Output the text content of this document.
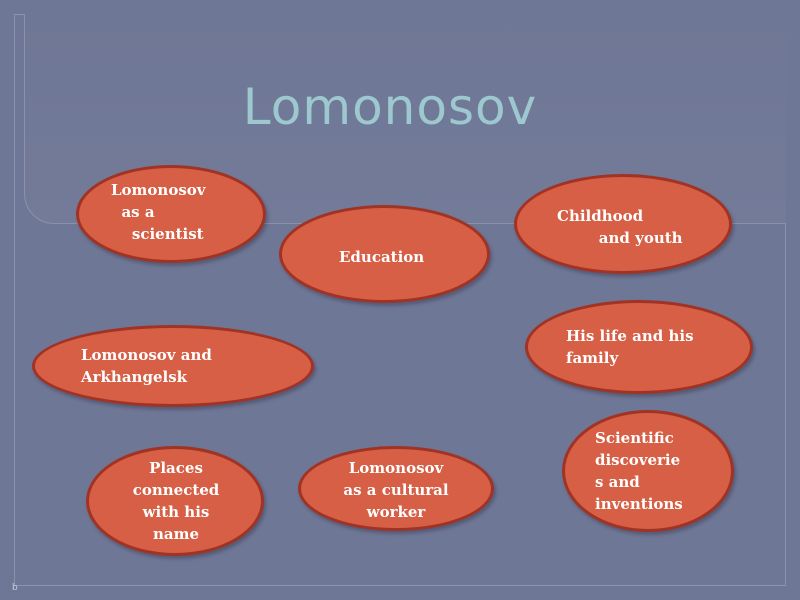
Lomonosov
Lomonosov
as a
scientist
Education
Childhood
and youth
Lomonosov and
Arkhangelsk
His life and his
family
Places
connected
with his
name
Lomonosov
as a cultural
worker
Scientific
discoverie
s and
inventions
b
